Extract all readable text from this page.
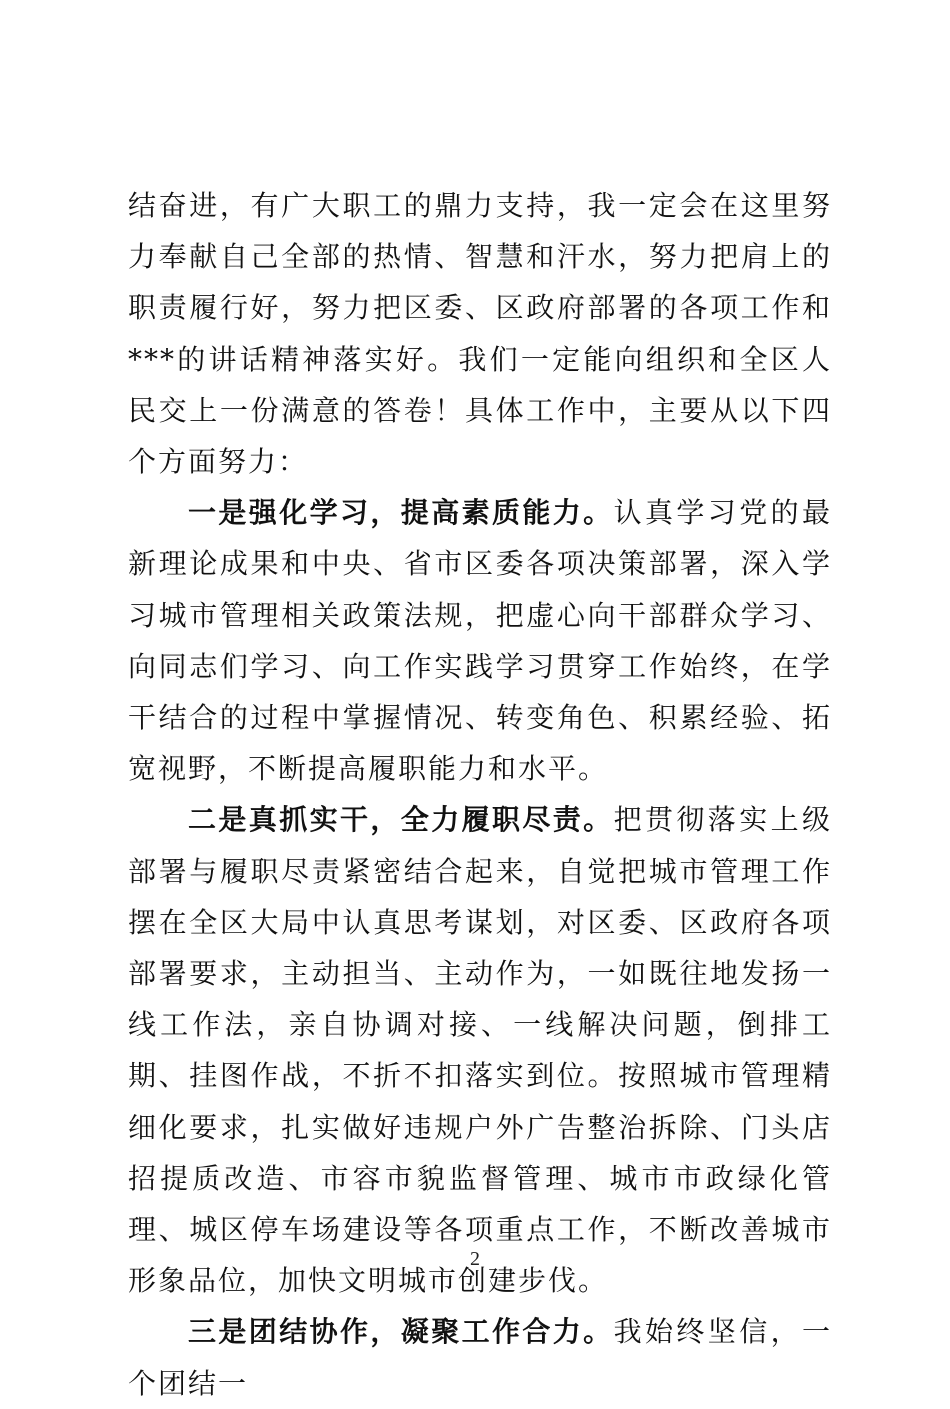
结奋进，有广大职工的鼎力支持，我一定会在这里努力奉献自己全部的热情、智慧和汗水，努力把肩上的职责履行好，努力把区委、区政府部署的各项工作和***的讲话精神落实好。我们一定能向组织和全区人民交上一份满意的答卷！具体工作中，主要从以下四个方面努力：

一是强化学习，提高素质能力。认真学习党的最新理论成果和中央、省市区委各项决策部署，深入学习城市管理相关政策法规，把虚心向干部群众学习、向同志们学习、向工作实践学习贯穿工作始终，在学干结合的过程中掌握情况、转变角色、积累经验、拓宽视野，不断提高履职能力和水平。

二是真抓实干，全力履职尽责。把贯彻落实上级部署与履职尽责紧密结合起来，自觉把城市管理工作摆在全区大局中认真思考谋划，对区委、区政府各项部署要求，主动担当、主动作为，一如既往地发扬一线工作法，亲自协调对接、一线解决问题，倒排工期、挂图作战，不折不扣落实到位。按照城市管理精细化要求，扎实做好违规户外广告整治拆除、门头店招提质改造、市容市貌监督管理、城市市政绿化管理、城区停车场建设等各项重点工作，不断改善城市形象品位，加快文明城市创建步伐。

三是团结协作，凝聚工作合力。我始终坚信，一个团结一

2
